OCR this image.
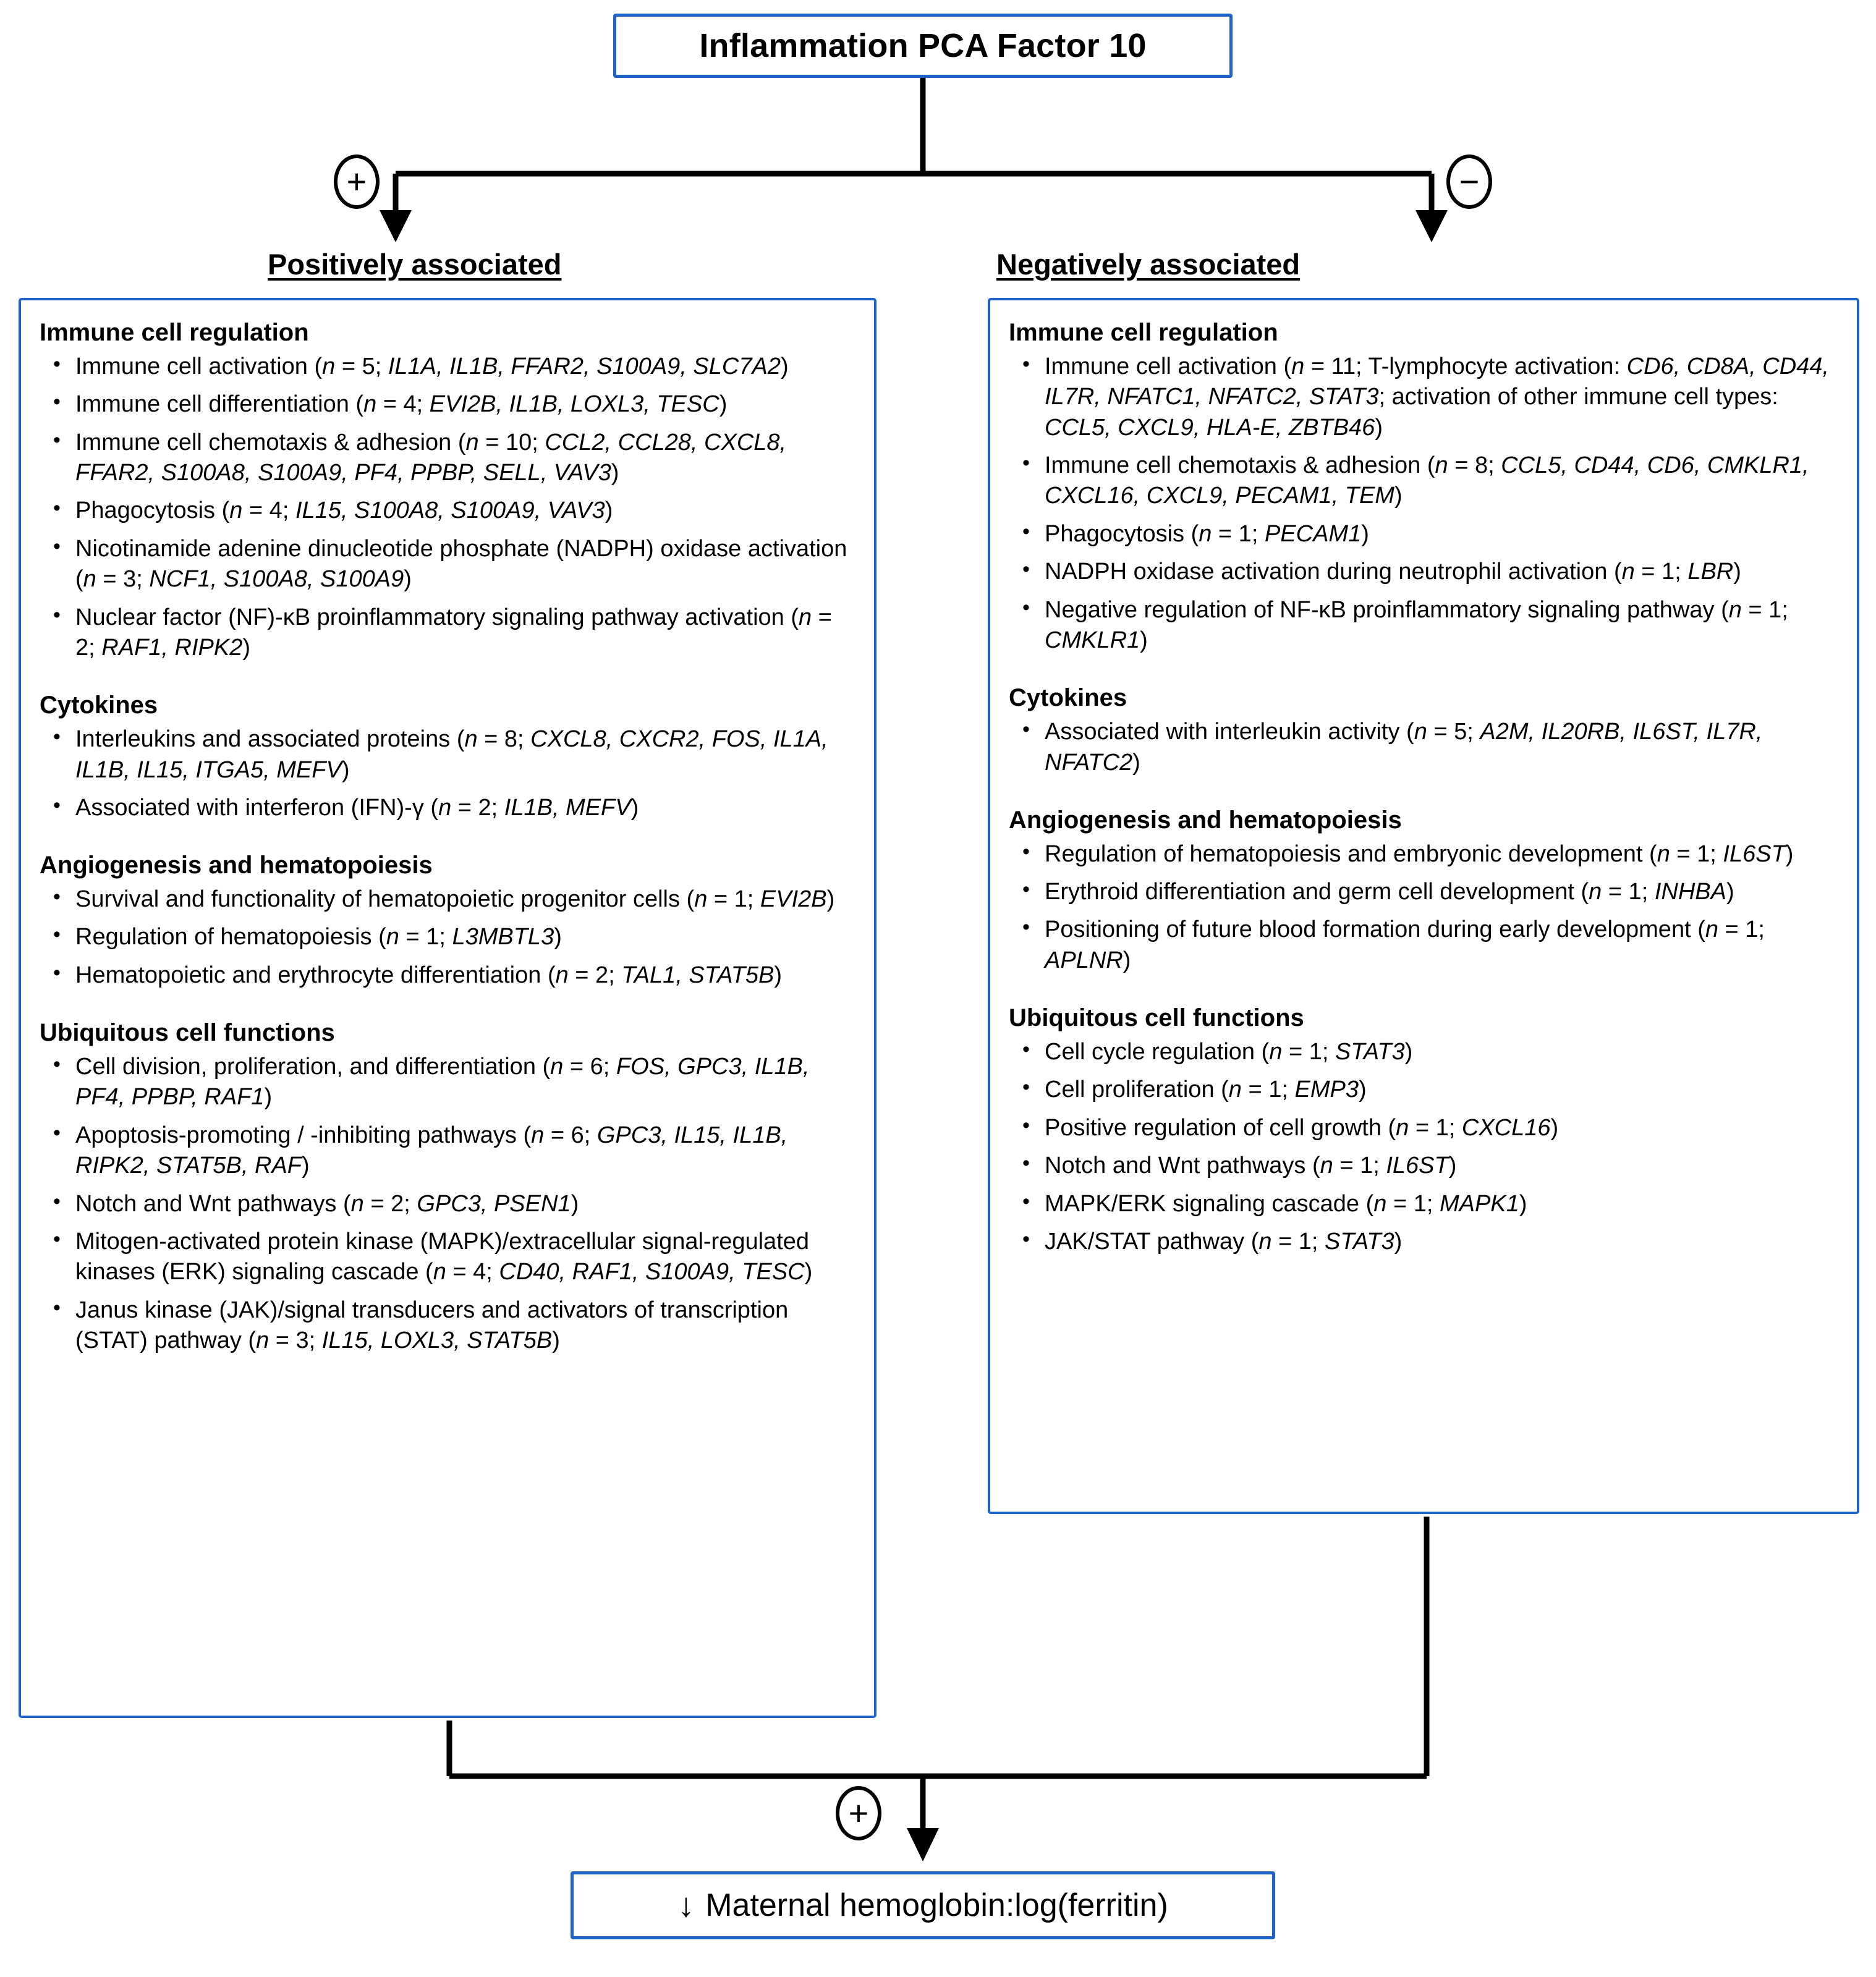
Inflammation PCA Factor 10
+	−
+
Positively associated	Negatively associated
Immune cell regulation
• Immune cell activation (n = 5; IL1A, IL1B, FFAR2, S100A9, SLC7A2)
• Immune cell differentiation (n = 4; EVI2B, IL1B, LOXL3, TESC)
• Immune cell chemotaxis & adhesion (n = 10; CCL2, CCL28, CXCL8, FFAR2, S100A8, S100A9, PF4, PPBP, SELL, VAV3)
• Phagocytosis (n = 4; IL15, S100A8, S100A9, VAV3)
• Nicotinamide adenine dinucleotide phosphate (NADPH) oxidase activation (n = 3; NCF1, S100A8, S100A9)
• Nuclear factor (NF)-κB proinflammatory signaling pathway activation (n = 2; RAF1, RIPK2)
Cytokines
• Interleukins and associated proteins (n = 8; CXCL8, CXCR2, FOS, IL1A, IL1B, IL15, ITGA5, MEFV)
• Associated with interferon (IFN)-γ (n = 2; IL1B, MEFV)
Angiogenesis and hematopoiesis
• Survival and functionality of hematopoietic progenitor cells (n = 1; EVI2B)
• Regulation of hematopoiesis (n = 1; L3MBTL3)
• Hematopoietic and erythrocyte differentiation (n = 2; TAL1, STAT5B)
Ubiquitous cell functions
• Cell division, proliferation, and differentiation (n = 6; FOS, GPC3, IL1B, PF4, PPBP, RAF1)
• Apoptosis-promoting / -inhibiting pathways (n = 6; GPC3, IL15, IL1B, RIPK2, STAT5B, RAF)
• Notch and Wnt pathways (n = 2; GPC3, PSEN1)
• Mitogen-activated protein kinase (MAPK)/extracellular signal-regulated kinases (ERK) signaling cascade (n = 4; CD40, RAF1, S100A9, TESC)
• Janus kinase (JAK)/signal transducers and activators of transcription (STAT) pathway (n = 3; IL15, LOXL3, STAT5B)
Immune cell regulation
• Immune cell activation (n = 11; T-lymphocyte activation: CD6, CD8A, CD44, IL7R, NFATC1, NFATC2, STAT3; activation of other immune cell types: CCL5, CXCL9, HLA-E, ZBTB46)
• Immune cell chemotaxis & adhesion (n = 8; CCL5, CD44, CD6, CMKLR1, CXCL16, CXCL9, PECAM1, TEM)
• Phagocytosis (n = 1; PECAM1)
• NADPH oxidase activation during neutrophil activation (n = 1; LBR)
• Negative regulation of NF-κB proinflammatory signaling pathway (n = 1; CMKLR1)
Cytokines
• Associated with interleukin activity (n = 5; A2M, IL20RB, IL6ST, IL7R, NFATC2)
Angiogenesis and hematopoiesis
• Regulation of hematopoiesis and embryonic development (n = 1; IL6ST)
• Erythroid differentiation and germ cell development (n = 1; INHBA)
• Positioning of future blood formation during early development (n = 1; APLNR)
Ubiquitous cell functions
• Cell cycle regulation (n = 1; STAT3)
• Cell proliferation (n = 1; EMP3)
• Positive regulation of cell growth (n = 1; CXCL16)
• Notch and Wnt pathways (n = 1; IL6ST)
• MAPK/ERK signaling cascade (n = 1; MAPK1)
• JAK/STAT pathway (n = 1; STAT3)
↓ Maternal hemoglobin:log(ferritin)
